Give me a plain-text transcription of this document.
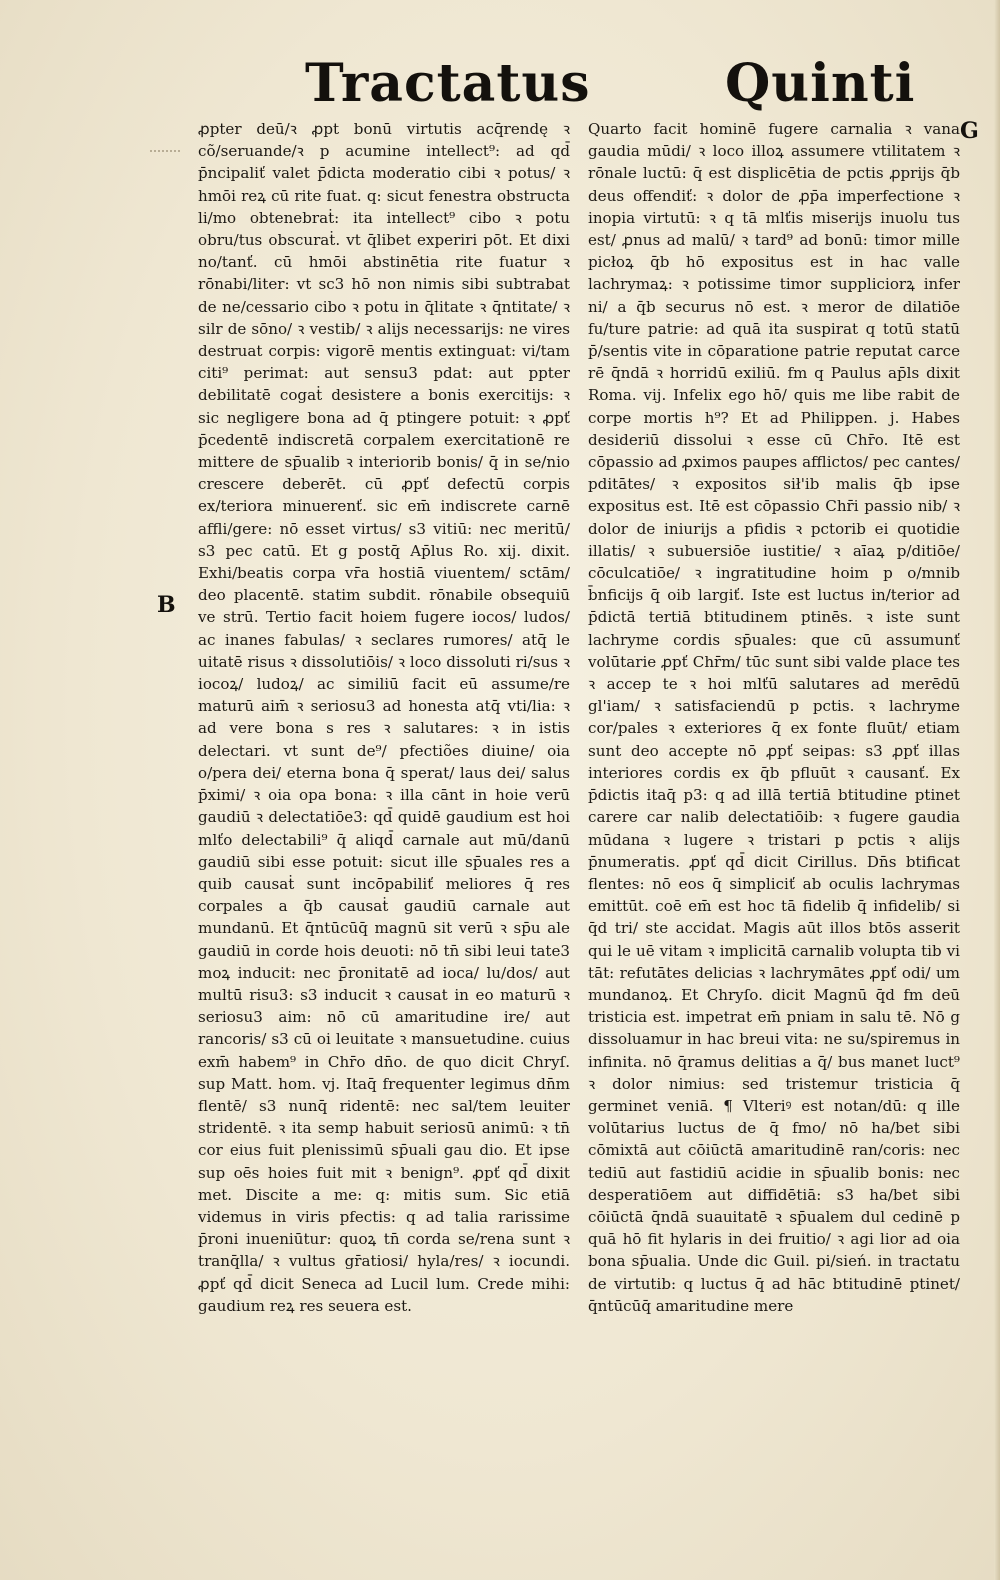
Tractatus	Quinti
B
G

ꝓpter deū/ꝛ ꝓpt bonū virtutis acq̄rendę ꝛ cõ/seruande/ꝛ p acumine intellect⁹: ad qd̄ p̄ncipaliť valet p̄dicta moderatio cibi ꝛ potus/ ꝛ hmōi reꝝ cū rite fuat. q: sicut fenestra obstructa li/mo obtenebraṫ: ita intellect⁹ cibo ꝛ potu obru/tus obscuraṫ. vt q̄libet experiri pōt. Et dixi no/tanť. cū hmōi abstinētia rite fuatur ꝛ rōnabi/liter: vt sc3 hō non nimis sibi subtrabat de ne/cessario cibo ꝛ potu in q̄litate ꝛ q̄ntitate/ ꝛ silr de sōno/ ꝛ vestib/ ꝛ alijs necessarijs: ne vires destruat corpis: vigorē mentis extinguat: vi/tam citi⁹ perimat: aut sensu3 pdat: aut ppter debilitatē cogaṫ desistere a bonis exercitijs: ꝛ sic negligere bona ad q̄ ptingere potuit: ꝛ ꝓpť p̄cedentē indiscretā corpalem exercitationē re mittere de sp̄ualib ꝛ interiorib bonis/ q̄ in se/nio crescere deberēt. cū ꝓpť defectū corpis ex/teriora minuerenť. sic em̄ indiscrete carnē affli/gere: nō esset virtus/ s3 vitiū: nec meritū/ s3 pec catū. Et g postq̄ Ap̄lus Ro. xij. dixit. Exhi/beatis corpa vr̄a hostiā viuentem/ sctām/ deo placentē. statim subdit. rōnabile obsequiū ve strū. Tertio facit hoiem fugere iocos/ ludos/ ac inanes fabulas/ ꝛ seclares rumores/ atq̄ le uitatē risus ꝛ dissolutiōis/ ꝛ loco dissoluti ri/sus ꝛ iocoꝝ/ ludoꝝ/ ac similiū facit eū assume/re maturū aim̄ ꝛ seriosu3 ad honesta atq̄ vti/lia: ꝛ ad vere bona s res ꝛ salutares: ꝛ in istis delectari. vt sunt de⁹/ pfectiões diuine/ oia o/pera dei/ eterna bona q̄ sperat/ laus dei/ salus p̄ximi/ ꝛ oia opa bona: ꝛ illa cānt in hoie verū gaudiū ꝛ delectatiōe3: qd̄ quidē gaudium est hoi mlťo delectabili⁹ q̄ aliqd̄ carnale aut mū/danū gaudiū sibi esse potuit: sicut ille sp̄uales res a quib causaṫ sunt incōpabiliť meliores q̄ res corpales a q̄b causaṫ gaudiū carnale aut mundanū. Et q̄ntūcūq̄ magnū sit verū ꝛ sp̄u ale gaudiū in corde hois deuoti: nō tn̄ sibi leui tate3 moꝝ inducit: nec p̄ronitatē ad ioca/ lu/dos/ aut multū risu3: s3 inducit ꝛ causat in eo maturū ꝛ seriosu3 aim: nō cū amaritudine ire/ aut rancoris/ s3 cū oi leuitate ꝛ mansuetudine. cuius exm̄ habem⁹ in Chr̄o dn̄o. de quo dicit Chryſ. sup Matt. hom. vj. Itaq̄ frequenter legimus dn̄m flentē/ s3 nunq̄ ridentē: nec sal/tem leuiter stridentē. ꝛ ita semp habuit seriosū animū: ꝛ tn̄ cor eius fuit plenissimū sp̄uali gau dio. Et ipse sup oēs hoies fuit mit ꝛ benign⁹. ꝓpť qd̄ dixit met. Discite a me: q: mitis sum. Sic etiā videmus in viris pfectis: q ad talia rarissime p̄roni inueniūtur: quoꝝ tn̄ corda se/rena sunt ꝛ tranq̄lla/ ꝛ vultus gr̄atiosi/ hyla/res/ ꝛ iocundi. ꝓpť qd̄ dicit Seneca ad Lucil lum. Crede mihi: gaudium reꝝ res seuera est.

Quarto facit hominē fugere carnalia ꝛ vana gaudia mūdi/ ꝛ loco illoꝝ assumere vtilitatem ꝛ rōnale luctū: q̄ est displicētia de pctis ꝓprijs q̄b deus offendiť: ꝛ dolor de ꝓp̄a imperfectione ꝛ inopia virtutū: ꝛ q tā mlťis miserijs inuolu tus est/ ꝓnus ad malū/ ꝛ tard⁹ ad bonū: timor mille picłoꝝ q̄b hō expositus est in hac valle lachrymaꝝ: ꝛ potissime timor suppliciorꝝ infer ni/ a q̄b securus nō est. ꝛ meror de dilatiōe fu/ture patrie: ad quā ita suspirat q totū statū p̄/sentis vite in cōparatione patrie reputat carce rē q̄ndā ꝛ horridū exiliū. fm q Paulus ap̄ls dixit Roma. vij. Infelix ego hō/ quis me libe rabit de corpe mortis h⁹? Et ad Philippen. j. Habes desideriū dissolui ꝛ esse cū Chr̄o. Itē est cōpassio ad ꝓximos paupes afflictos/ pec cantes/ pditātes/ ꝛ expositos sił'ib malis q̄b ipse expositus est. Itē est cōpassio Chr̄i passio nib/ ꝛ dolor de iniurijs a pfidis ꝛ pctorib ei quotidie illatis/ ꝛ subuersiōe iustitie/ ꝛ aīaꝝ p/ditiōe/ cōculcatiōe/ ꝛ ingratitudine hoim p o/mnib b̄nficijs q̄ oib largiť. Iste est luctus in/terior ad p̄dictā tertiā btitudinem ptinēs. ꝛ iste sunt lachryme cordis sp̄uales: que cū assumunť volūtarie ꝓpť Chr̄m/ tūc sunt sibi valde place tes ꝛ accep te ꝛ hoi mlťū salutares ad merēdū gl'iam/ ꝛ satisfaciendū p pctis. ꝛ lachryme cor/pales ꝛ exteriores q̄ ex fonte fluūt/ etiam sunt deo accepte nō ꝓpť seipas: s3 ꝓpť illas interiores cordis ex q̄b pfluūt ꝛ causanť. Ex p̄dictis itaq̄ p3: q ad illā tertiā btitudine ptinet carere car nalib delectatiōib: ꝛ fugere gaudia mūdana ꝛ lugere ꝛ tristari p pctis ꝛ alijs p̄numeratis. ꝓpť qd̄ dicit Cirillus. Dn̄s btificat flentes: nō eos q̄ simpliciť ab oculis lachrymas emittūt. coē em̄ est hoc tā fidelib q̄ infidelib/ si q̄d tri/ ste accidat. Magis aūt illos btōs asserit qui le uē vitam ꝛ implicitā carnalib volupta tib vi tāt: refutātes delicias ꝛ lachrymātes ꝓpť odi/ um mundanoꝝ. Et Chryſo. dicit Magnū q̄d fm deū tristicia est. impetrat em̄ pniam in salu tē. Nō g dissoluamur in hac breui vita: ne su/spiremus in infinita. nō q̄ramus delitias a q̄/ bus manet luct⁹ ꝛ dolor nimius: sed tristemur tristicia q̄ germinet veniā. ¶ Vlteriꝰ est notan/dū: q ille volūtarius luctus de q̄ fmo/ nō ha/bet sibi cōmixtā aut cōiūctā amaritudinē ran/coris: nec tediū aut fastidiū acidie in sp̄ualib bonis: nec desperatiōem aut diffidētiā: s3 ha/bet sibi cōiūctā q̄ndā suauitatē ꝛ sp̄ualem dul cedinē p quā hō fit hylaris in dei fruitio/ ꝛ agi lior ad oia bona sp̄ualia. Unde dic Guil. pi/sień. in tractatu de virtutib: q luctus q̄ ad hāc btitudinē ptinet/ q̄ntūcūq̄ amaritudine mere
